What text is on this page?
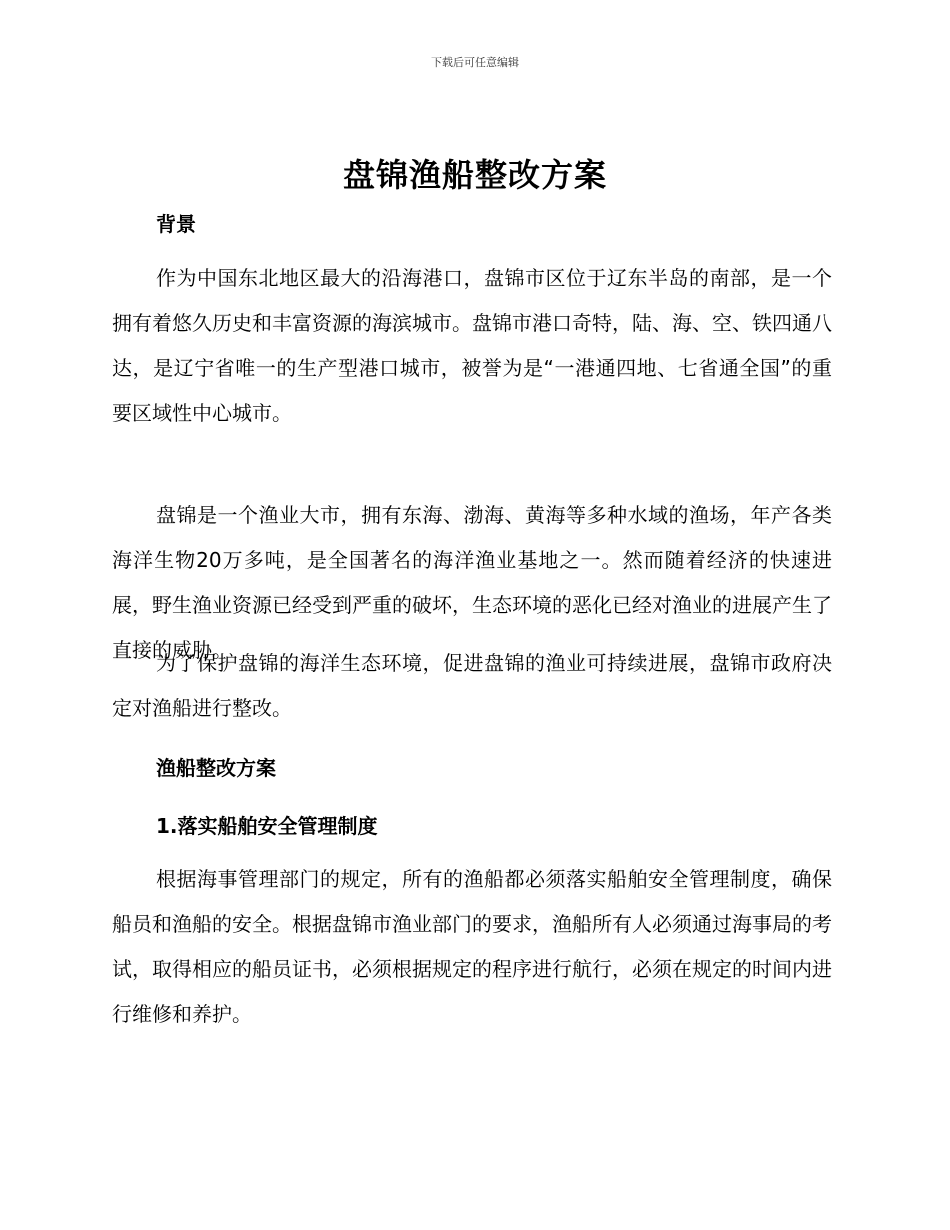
下载后可任意编辑
盘锦渔船整改方案
背景

作为中国东北地区最大的沿海港口，盘锦市区位于辽东半岛的南部，是一个拥有着悠久历史和丰富资源的海滨城市。盘锦市港口奇特，陆、海、空、铁四通八达，是辽宁省唯一的生产型港口城市，被誉为是“一港通四地、七省通全国”的重要区域性中心城市。

盘锦是一个渔业大市，拥有东海、渤海、黄海等多种水域的渔场，年产各类海洋生物20万多吨，是全国著名的海洋渔业基地之一。然而随着经济的快速进展，野生渔业资源已经受到严重的破坏，生态环境的恶化已经对渔业的进展产生了直接的威胁。

为了保护盘锦的海洋生态环境，促进盘锦的渔业可持续进展，盘锦市政府决定对渔船进行整改。

渔船整改方案
1.落实船舶安全管理制度

根据海事管理部门的规定，所有的渔船都必须落实船舶安全管理制度，确保船员和渔船的安全。根据盘锦市渔业部门的要求，渔船所有人必须通过海事局的考试，取得相应的船员证书，必须根据规定的程序进行航行，必须在规定的时间内进行维修和养护。
